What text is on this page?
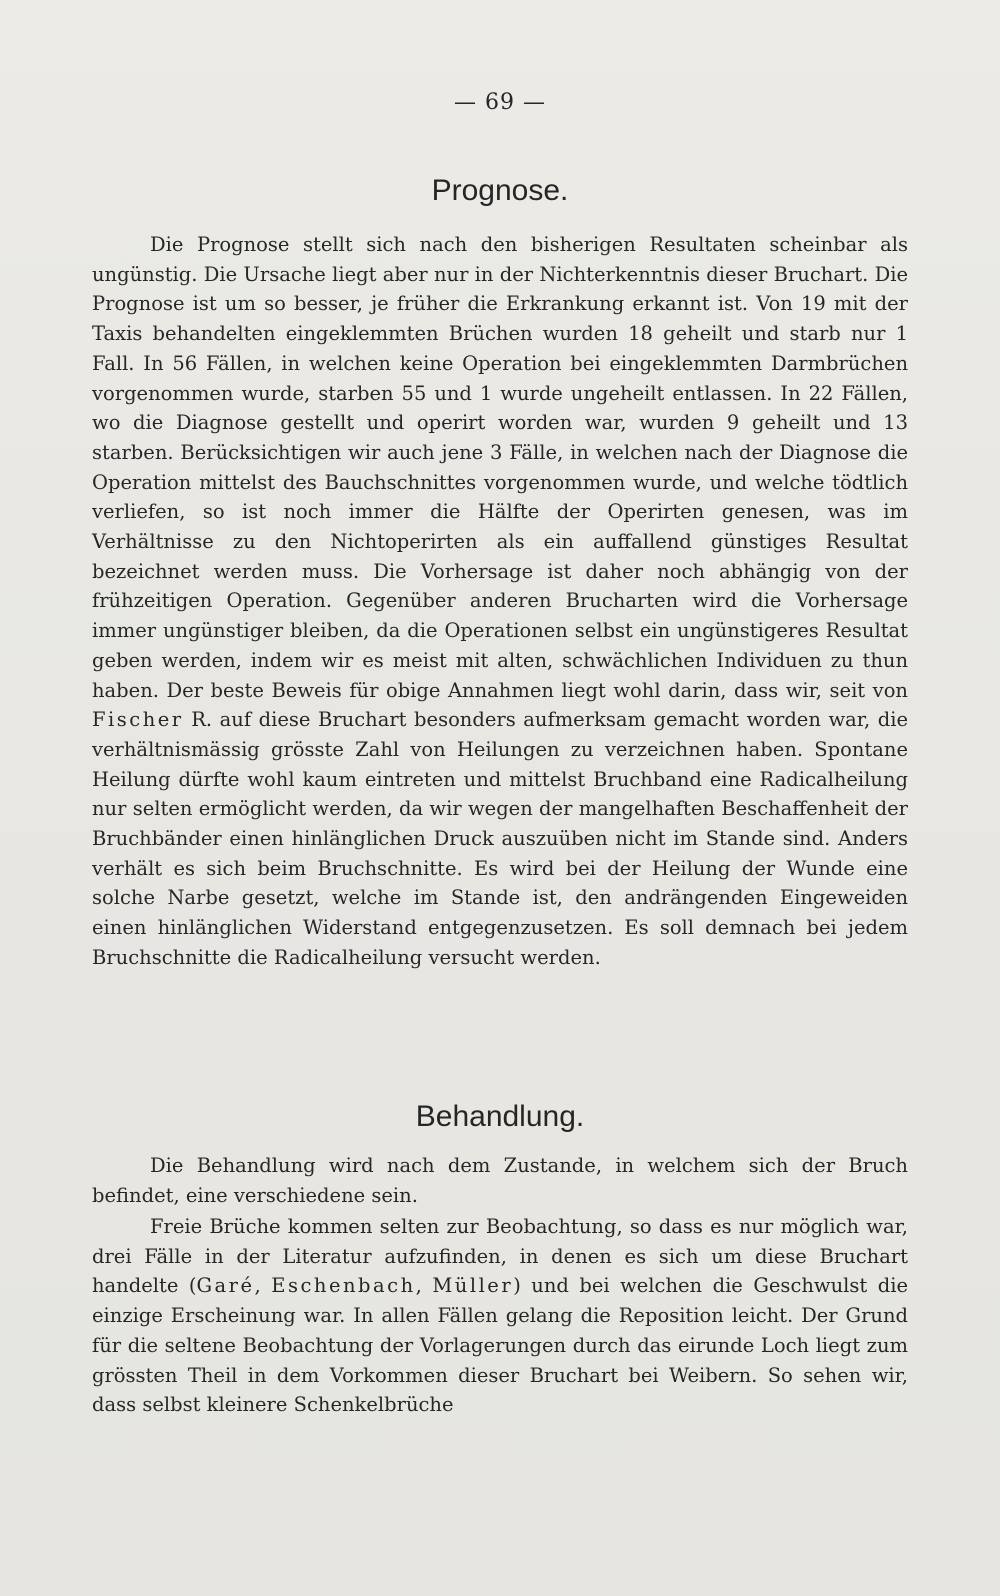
— 69 —
Prognose.

Die Prognose stellt sich nach den bisherigen Resultaten scheinbar als ungünstig. Die Ursache liegt aber nur in der Nichterkenntnis dieser Bruchart. Die Prognose ist um so besser, je früher die Erkrankung erkannt ist. Von 19 mit der Taxis behandelten eingeklemmten Brüchen wurden 18 geheilt und starb nur 1 Fall. In 56 Fällen, in welchen keine Operation bei eingeklemmten Darmbrüchen vorgenommen wurde, starben 55 und 1 wurde ungeheilt entlassen. In 22 Fällen, wo die Diagnose gestellt und operirt worden war, wurden 9 geheilt und 13 starben. Berücksichtigen wir auch jene 3 Fälle, in welchen nach der Diagnose die Operation mittelst des Bauchschnittes vorgenommen wurde, und welche tödtlich verliefen, so ist noch immer die Hälfte der Operirten genesen, was im Verhältnisse zu den Nichtoperirten als ein auffallend günstiges Resultat bezeichnet werden muss. Die Vorhersage ist daher noch abhängig von der frühzeitigen Operation. Gegenüber anderen Brucharten wird die Vorhersage immer ungünstiger bleiben, da die Operationen selbst ein ungünstigeres Resultat geben werden, indem wir es meist mit alten, schwächlichen Individuen zu thun haben. Der beste Beweis für obige Annahmen liegt wohl darin, dass wir, seit von Fischer R. auf diese Bruchart besonders aufmerksam gemacht worden war, die verhältnismässig grösste Zahl von Heilungen zu verzeichnen haben. Spontane Heilung dürfte wohl kaum eintreten und mittelst Bruchband eine Radicalheilung nur selten ermöglicht werden, da wir wegen der mangelhaften Beschaffenheit der Bruchbänder einen hinlänglichen Druck auszuüben nicht im Stande sind. Anders verhält es sich beim Bruchschnitte. Es wird bei der Heilung der Wunde eine solche Narbe gesetzt, welche im Stande ist, den andrängenden Eingeweiden einen hinlänglichen Widerstand entgegenzusetzen. Es soll demnach bei jedem Bruchschnitte die Radicalheilung versucht werden.

Behandlung.

Die Behandlung wird nach dem Zustande, in welchem sich der Bruch befindet, eine verschiedene sein.

Freie Brüche kommen selten zur Beobachtung, so dass es nur möglich war, drei Fälle in der Literatur aufzufinden, in denen es sich um diese Bruchart handelte (Garé, Eschenbach, Müller) und bei welchen die Geschwulst die einzige Erscheinung war. In allen Fällen gelang die Reposition leicht. Der Grund für die seltene Beobachtung der Vorlagerungen durch das eirunde Loch liegt zum grössten Theil in dem Vorkommen dieser Bruchart bei Weibern. So sehen wir, dass selbst kleinere Schenkelbrüche
